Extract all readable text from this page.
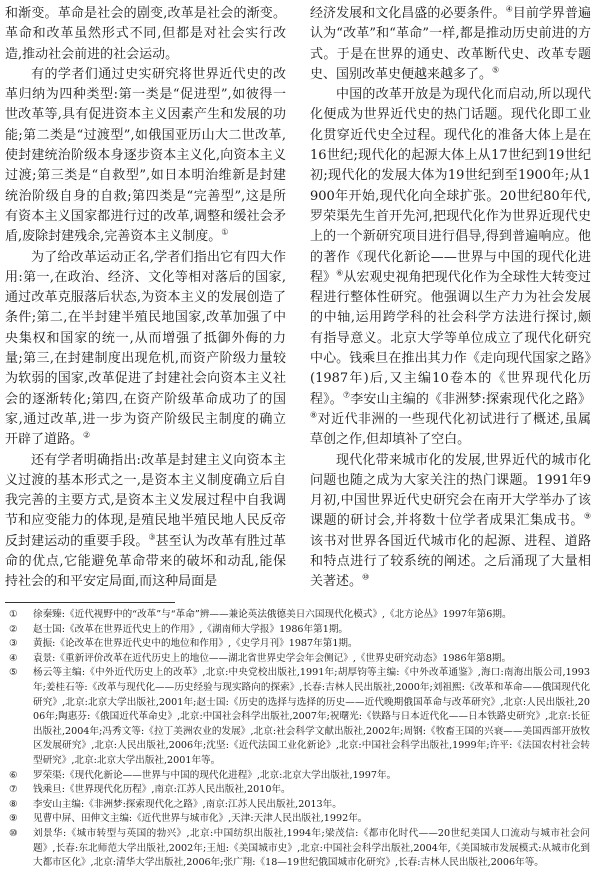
和渐变。革命是社会的剧变,改革是社会的渐变。革命和改革虽然形式不同,但都是对社会实行改造,推动社会前进的社会运动。

有的学者们通过史实研究将世界近代史的改革归纳为四种类型:第一类是“促进型”,如彼得一世改革等,具有促进资本主义因素产生和发展的功能;第二类是“过渡型”,如俄国亚历山大二世改革,使封建统治阶级本身逐步资本主义化,向资本主义过渡;第三类是“自救型”,如日本明治维新是封建统治阶级自身的自救;第四类是“完善型”,这是所有资本主义国家都进行过的改革,调整和缓社会矛盾,废除封建残余,完善资本主义制度。①

为了给改革运动正名,学者们指出它有四大作用:第一,在政治、经济、文化等相对落后的国家,通过改革克服落后状态,为资本主义的发展创造了条件;第二,在半封建半殖民地国家,改革加强了中央集权和国家的统一,从而增强了抵御外侮的力量;第三,在封建制度出现危机,而资产阶级力量较为软弱的国家,改革促进了封建社会向资本主义社会的逐渐转化;第四,在资产阶级革命成功了的国家,通过改革,进一步为资产阶级民主制度的确立开辟了道路。②

还有学者明确指出:改革是封建主义向资本主义过渡的基本形式之一,是资本主义制度确立后自我完善的主要方式,是资本主义发展过程中自我调节和应变能力的体现,是殖民地半殖民地人民反帝反封建运动的重要手段。③甚至认为改革有胜过革命的优点,它能避免革命带来的破坏和动乱,能保持社会的和平安定局面,而这种局面是

经济发展和文化昌盛的必要条件。④目前学界普遍认为“改革”和“革命”一样,都是推动历史前进的方式。于是在世界的通史、改革断代史、改革专题史、国别改革史便越来越多了。⑤

中国的改革开放是为现代化而启动,所以现代化便成为世界近代史的热门话题。现代化即工业化贯穿近代史全过程。现代化的准备大体上是在16世纪;现代化的起源大体上从17世纪到19世纪初;现代化的发展大体为19世纪到至1900年;从1900年开始,现代化向全球扩张。20世纪80年代,罗荣渠先生首开先河,把现代化作为世界近现代史上的一个新研究项目进行倡导,得到普遍响应。他的著作《现代化新论——世界与中国的现代化进程》⑥从宏观史视角把现代化作为全球性大转变过程进行整体性研究。他强调以生产力为社会发展的中轴,运用跨学科的社会科学方法进行探讨,颇有指导意义。北京大学等单位成立了现代化研究中心。钱乘旦在推出其力作《走向现代国家之路》(1987年)后,又主编10卷本的《世界现代化历程》。⑦李安山主编的《非洲梦:探索现代化之路》⑧对近代非洲的一些现代化初试进行了概述,虽属草创之作,但却填补了空白。

现代化带来城市化的发展,世界近代的城市化问题也随之成为大家关注的热门课题。1991年9月初,中国世界近代史研究会在南开大学举办了该课题的研讨会,并将数十位学者成果汇集成书。⑨该书对世界各国近代城市化的起源、进程、道路和特点进行了较系统的阐述。之后涌现了大量相关著述。⑩

①	徐秦臻:《近代视野中的“改革”与“革命”辨——兼论英法俄德美日六国现代化模式》,《北方论丛》1997年第6期。
②	赵士国:《改革在世界近代史上的作用》,《湖南师大学报》1986年第1期。
③	黄振:《论改革在世界近代史中的地位和作用》,《史学月刊》1987年第1期。
④	袁景:《重新评价改革在近代历史上的地位——湖北省世界史学会年会侧记》,《世界史研究动态》1986年第8期。
⑤	杨云等主编:《中外近代历史上的改革》,北京:中央党校出版社,1991年;胡厚钧等主编:《中外改革通鉴》,海口:南海出版公司,1993年;姜桂石等:《改革与现代化——历史经验与现实路向的探索》,长春:吉林人民出版社,2000年;刘祖熙:《改革和革命——俄国现代化研究》,北京:北京大学出版社,2001年;赵士国:《历史的选择与选择的历史——近代晚期俄国革命与改革研究》,北京:人民出版社,2006年;陶惠芬:《俄国近代革命史》,北京:中国社会科学出版社,2007年;祝曙光:《铁路与日本近代化——日本铁路史研究》,北京:长征出版社,2004年;冯秀文等:《拉丁美洲农业的发展》,北京:社会科学文献出版社,2002年;周钢:《牧畜王国的兴衰——美国西部开放牧区发展研究》,北京:人民出版社,2006年;沈坚:《近代法国工业化新论》,北京:中国社会科学出版社,1999年;许平:《法国农村社会转型研究》,北京:北京大学出版社,2001年等。
⑥	罗荣渠:《现代化新论——世界与中国的现代化进程》,北京:北京大学出版社,1997年。
⑦	钱乘旦:《世界现代化历程》,南京:江苏人民出版社,2010年。
⑧	李安山主编:《非洲梦:探索现代化之路》,南京:江苏人民出版社,2013年。
⑨	见曹中屏、田伸文主编:《近代世界与城市化》,天津:天津人民出版社,1992年。
⑩	刘景华:《城市转型与英国的勃兴》,北京:中国纺织出版社,1994年;梁茂信:《都市化时代——20世纪美国人口流动与城市社会问题》,长春:东北师范大学出版社,2002年;王旭:《美国城市史》,北京:中国社会科学出版社,2004年,《美国城市发展模式:从城市化到大都市区化》,北京:清华大学出版社,2006年;张广翔:《18—19世纪俄国城市化研究》,长春:吉林人民出版社,2006年等。
